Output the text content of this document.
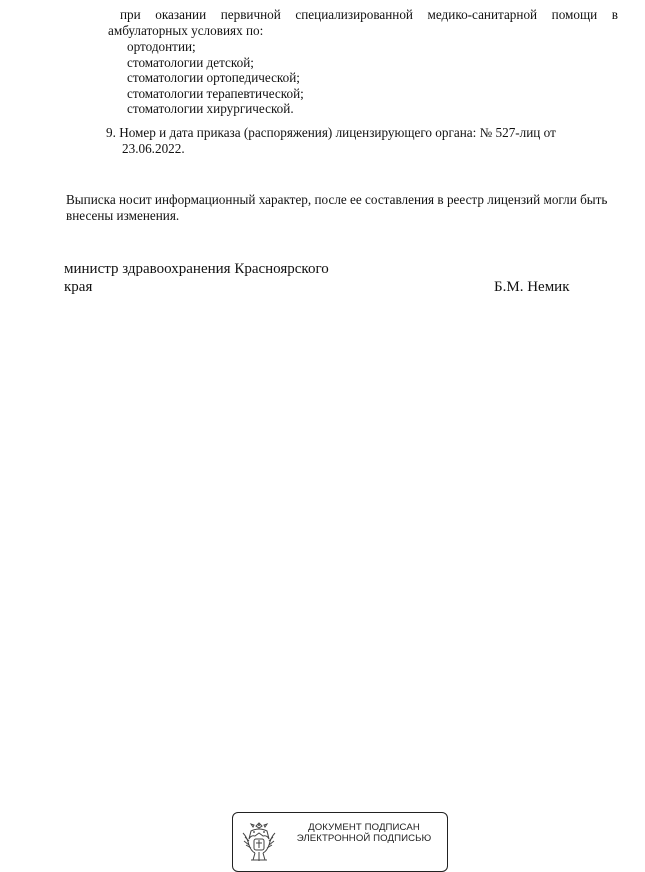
при оказании первичной специализированной медико-санитарной помощи в
амбулаторных условиях по:
ортодонтии;
стоматологии детской;
стоматологии ортопедической;
стоматологии терапевтической;
стоматологии хирургической.
9. Номер и дата приказа (распоряжения) лицензирующего органа: № 527-лиц от
23.06.2022.
Выписка носит информационный характер, после ее составления в реестр лицензий могли быть
внесены изменения.
министр здравоохранения Красноярского
края	Б.М. Немик
ДОКУМЕНТ ПОДПИСАН
ЭЛЕКТРОННОЙ ПОДПИСЬЮ
